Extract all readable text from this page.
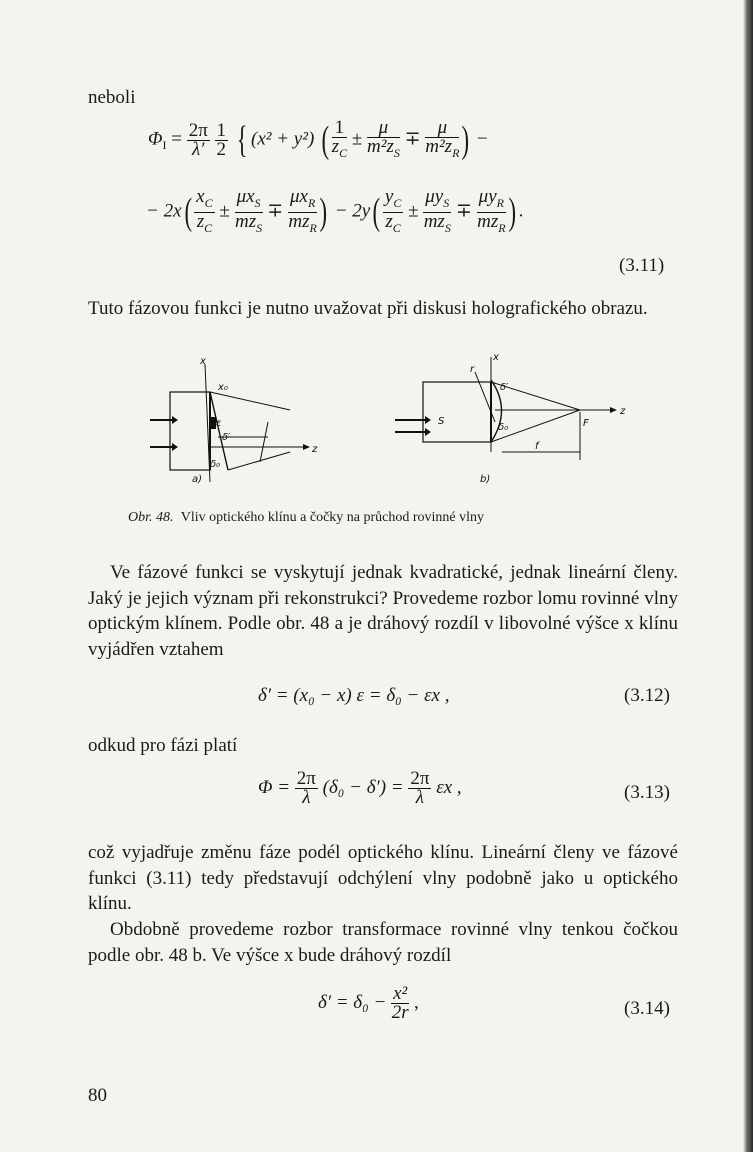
neboli
$\Phi_I = \frac{2\pi}{\lambda'}$
$\frac{1}{2}$ { (x² + y²) ( $\frac{1}{z_C} \pm \frac{\mu}{m^2z_S} \mp \frac{\mu}{m^2z_R}$ ) −
− $2x( \frac{x_C}{z_C} \pm \frac{\mu x_S}{mz_S} \mp \frac{\mu x_R}{mz_R}$ ) − $2y( \frac{y_C}{z_C} \pm \frac{\mu y_S}{mz_S} \mp \frac{\mu y_R}{mz_R}$ ) .
(3.11)
Tuto fázovou funkci je nutno uvažovat při diskusi holografického obrazu.
x
x₀
z
δ₀
δ′
ε
a)
x
z
S	F
f
r
δ₀
δ′
b)
Obr. 48. Vliv optického klínu a čočky na průchod rovinné vlny
Ve fázové funkci se vyskytují jednak kvadratické, jednak lineární členy. Jaký je jejich význam při rekonstrukci? Provedeme rozbor lomu rovinné vlny optickým klínem. Podle obr. 48 a je dráhový rozdíl v libovolné výšce x klínu vyjádřen vztahem
δ′ = (x₀ − x) ε = δ₀ − εx ,	(3.12)
odkud pro fázi platí
$\Phi = \frac{2\pi}{\lambda} (\delta_0 - \delta') = \frac{2\pi}{\lambda}$ εx ,	(3.13)
což vyjadřuje změnu fáze podél optického klínu. Lineární členy ve fázové funkci (3.11) tedy představují odchýlení vlny podobně jako u optického klínu.
Obdobně provedeme rozbor transformace rovinné vlny tenkou čočkou podle obr. 48 b. Ve výšce x bude dráhový rozdíl
$\delta' = \delta_0 - \frac{\text{x²}}{2r}$ ,	(3.14)
80
